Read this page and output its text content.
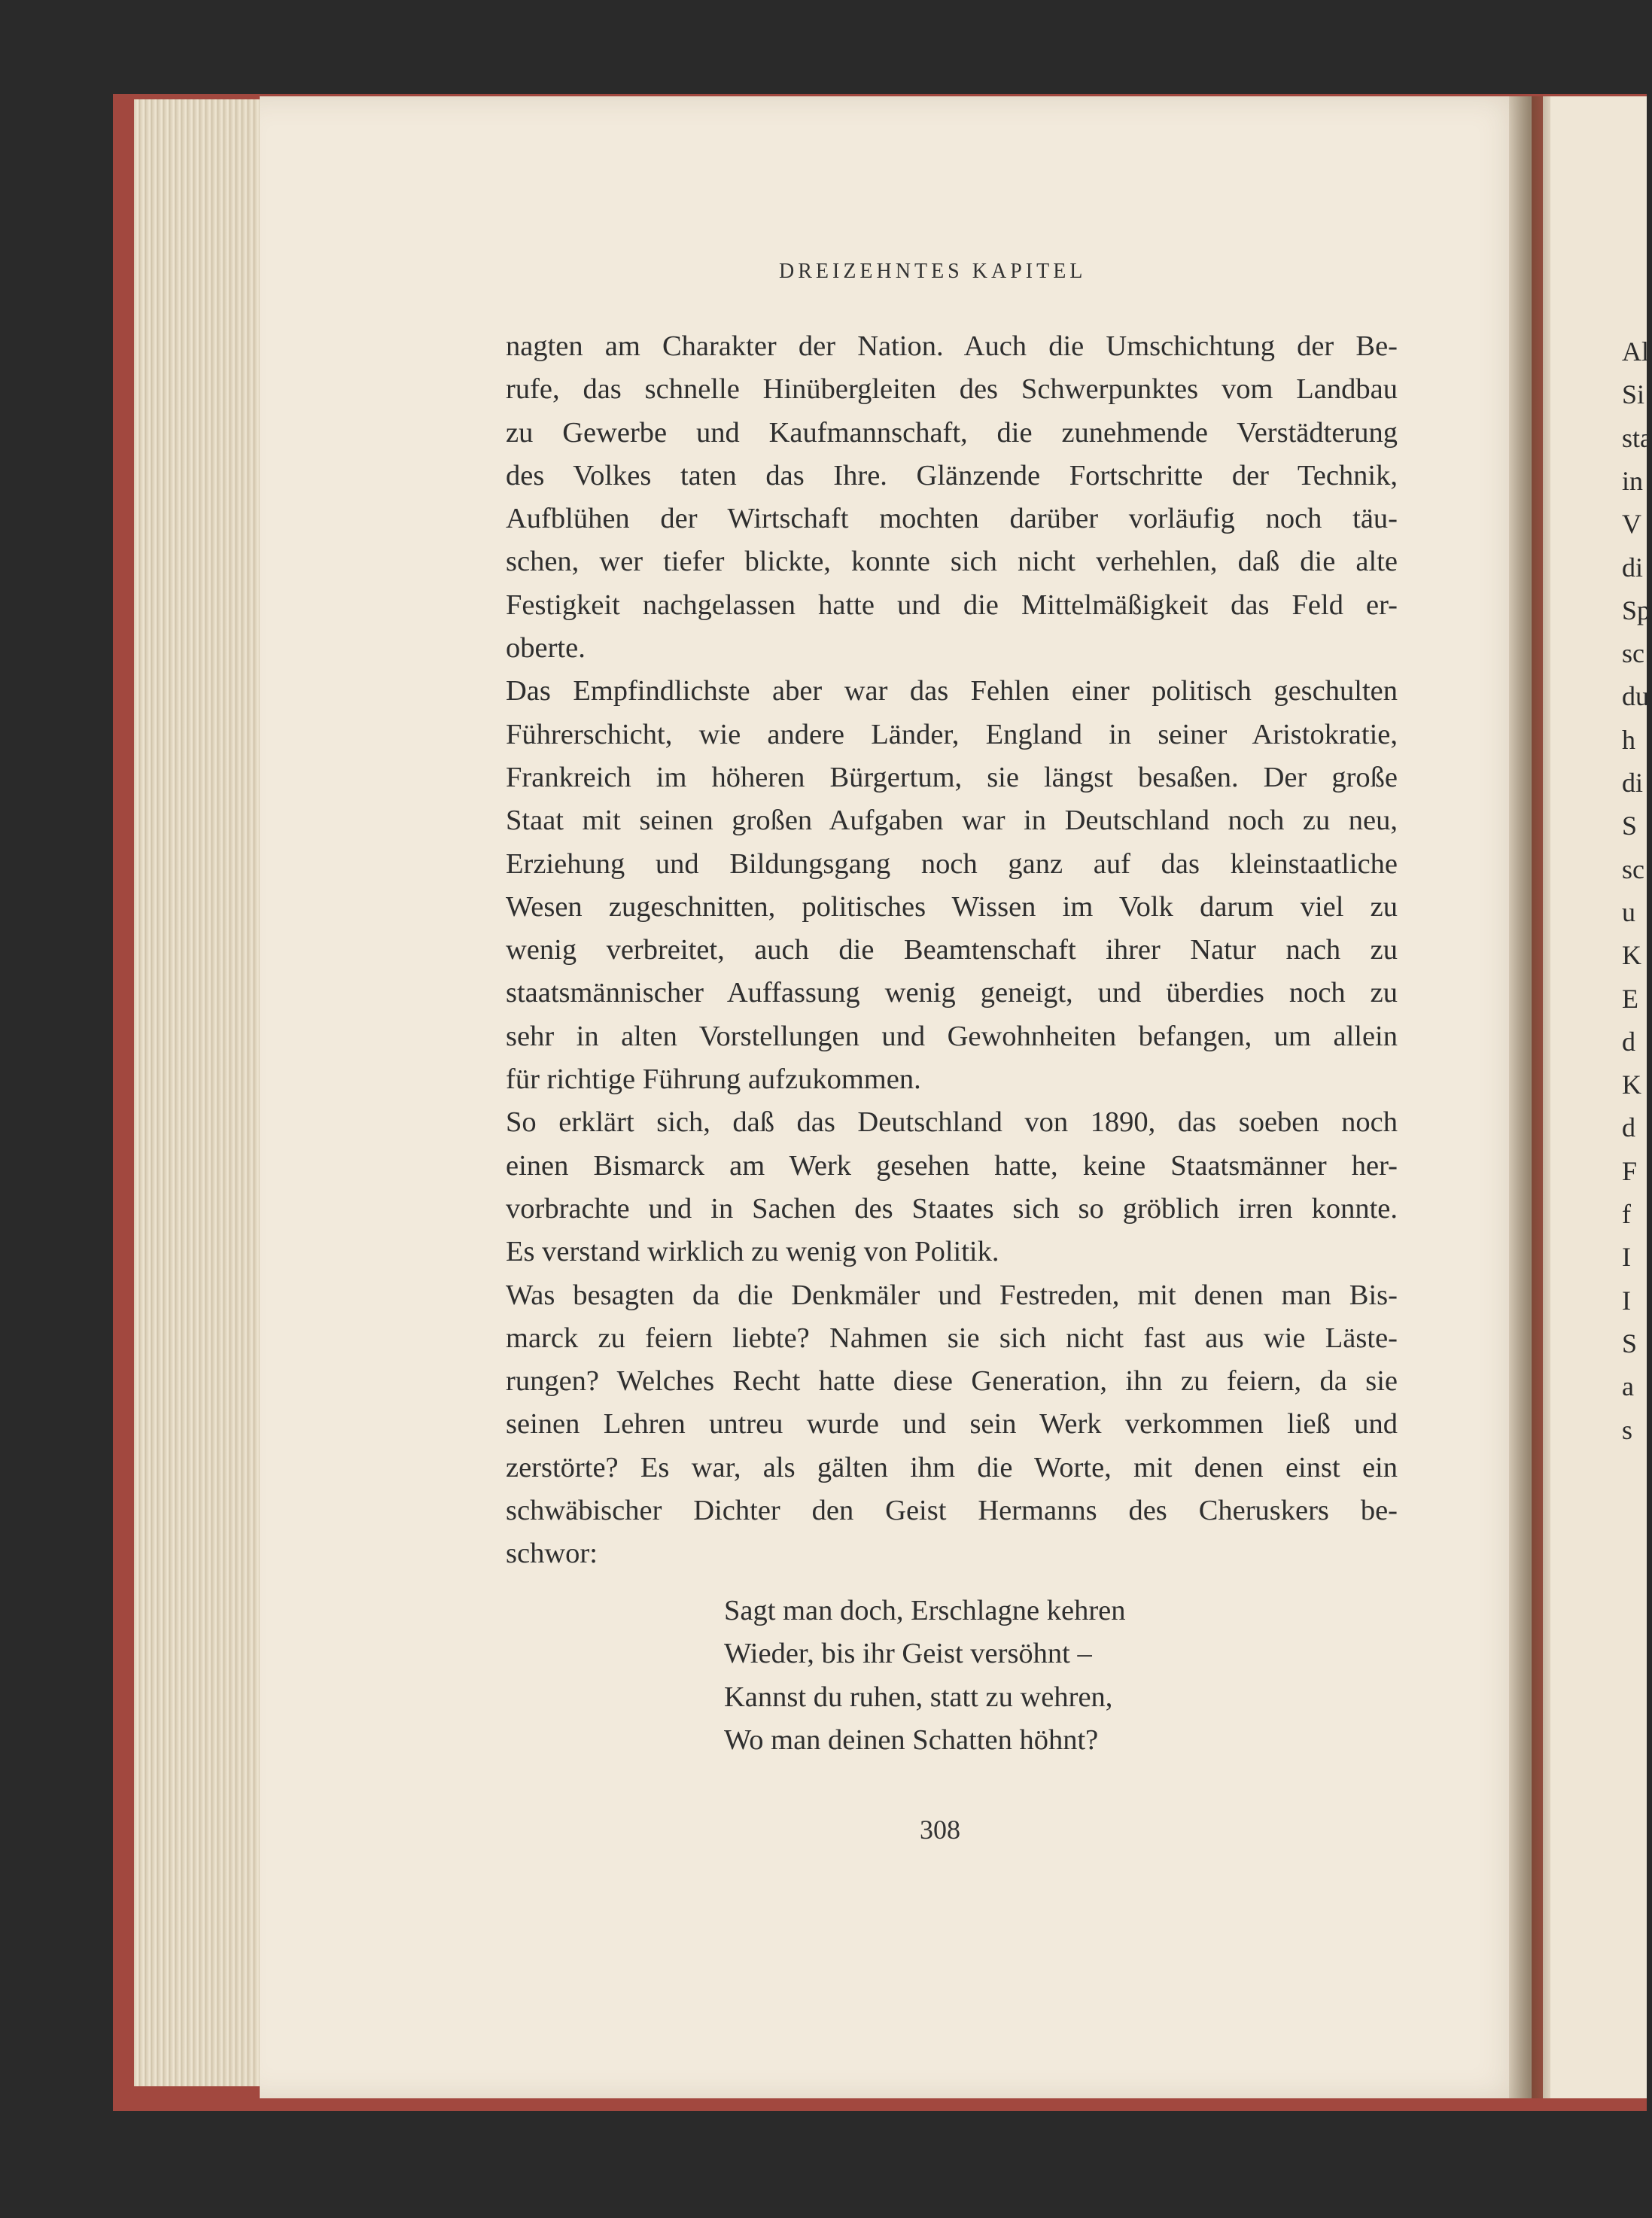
Al
Si
sta
in
V
di
Sp
sc
du
h
di
S
sc
u
K
E
d
K
d
F
f
I
I
S
a
s
DREIZEHNTES KAPITEL
nagten am Charakter der Nation. Auch die Umschichtung der Be-
rufe, das schnelle Hinübergleiten des Schwerpunktes vom Landbau
zu Gewerbe und Kaufmannschaft, die zunehmende Verstädterung
des Volkes taten das Ihre. Glänzende Fortschritte der Technik,
Aufblühen der Wirtschaft mochten darüber vorläufig noch täu-
schen, wer tiefer blickte, konnte sich nicht verhehlen, daß die alte
Festigkeit nachgelassen hatte und die Mittelmäßigkeit das Feld er-
oberte.
Das Empfindlichste aber war das Fehlen einer politisch geschulten
Führerschicht, wie andere Länder, England in seiner Aristokratie,
Frankreich im höheren Bürgertum, sie längst besaßen. Der große
Staat mit seinen großen Aufgaben war in Deutschland noch zu neu,
Erziehung und Bildungsgang noch ganz auf das kleinstaatliche
Wesen zugeschnitten, politisches Wissen im Volk darum viel zu
wenig verbreitet, auch die Beamtenschaft ihrer Natur nach zu
staatsmännischer Auffassung wenig geneigt, und überdies noch zu
sehr in alten Vorstellungen und Gewohnheiten befangen, um allein
für richtige Führung aufzukommen.
So erklärt sich, daß das Deutschland von 1890, das soeben noch
einen Bismarck am Werk gesehen hatte, keine Staatsmänner her-
vorbrachte und in Sachen des Staates sich so gröblich irren konnte.
Es verstand wirklich zu wenig von Politik.
Was besagten da die Denkmäler und Festreden, mit denen man Bis-
marck zu feiern liebte? Nahmen sie sich nicht fast aus wie Läste-
rungen? Welches Recht hatte diese Generation, ihn zu feiern, da sie
seinen Lehren untreu wurde und sein Werk verkommen ließ und
zerstörte? Es war, als gälten ihm die Worte, mit denen einst ein
schwäbischer Dichter den Geist Hermanns des Cheruskers be-
schwor:
Sagt man doch, Erschlagne kehren
Wieder, bis ihr Geist versöhnt –
Kannst du ruhen, statt zu wehren,
Wo man deinen Schatten höhnt?
308
